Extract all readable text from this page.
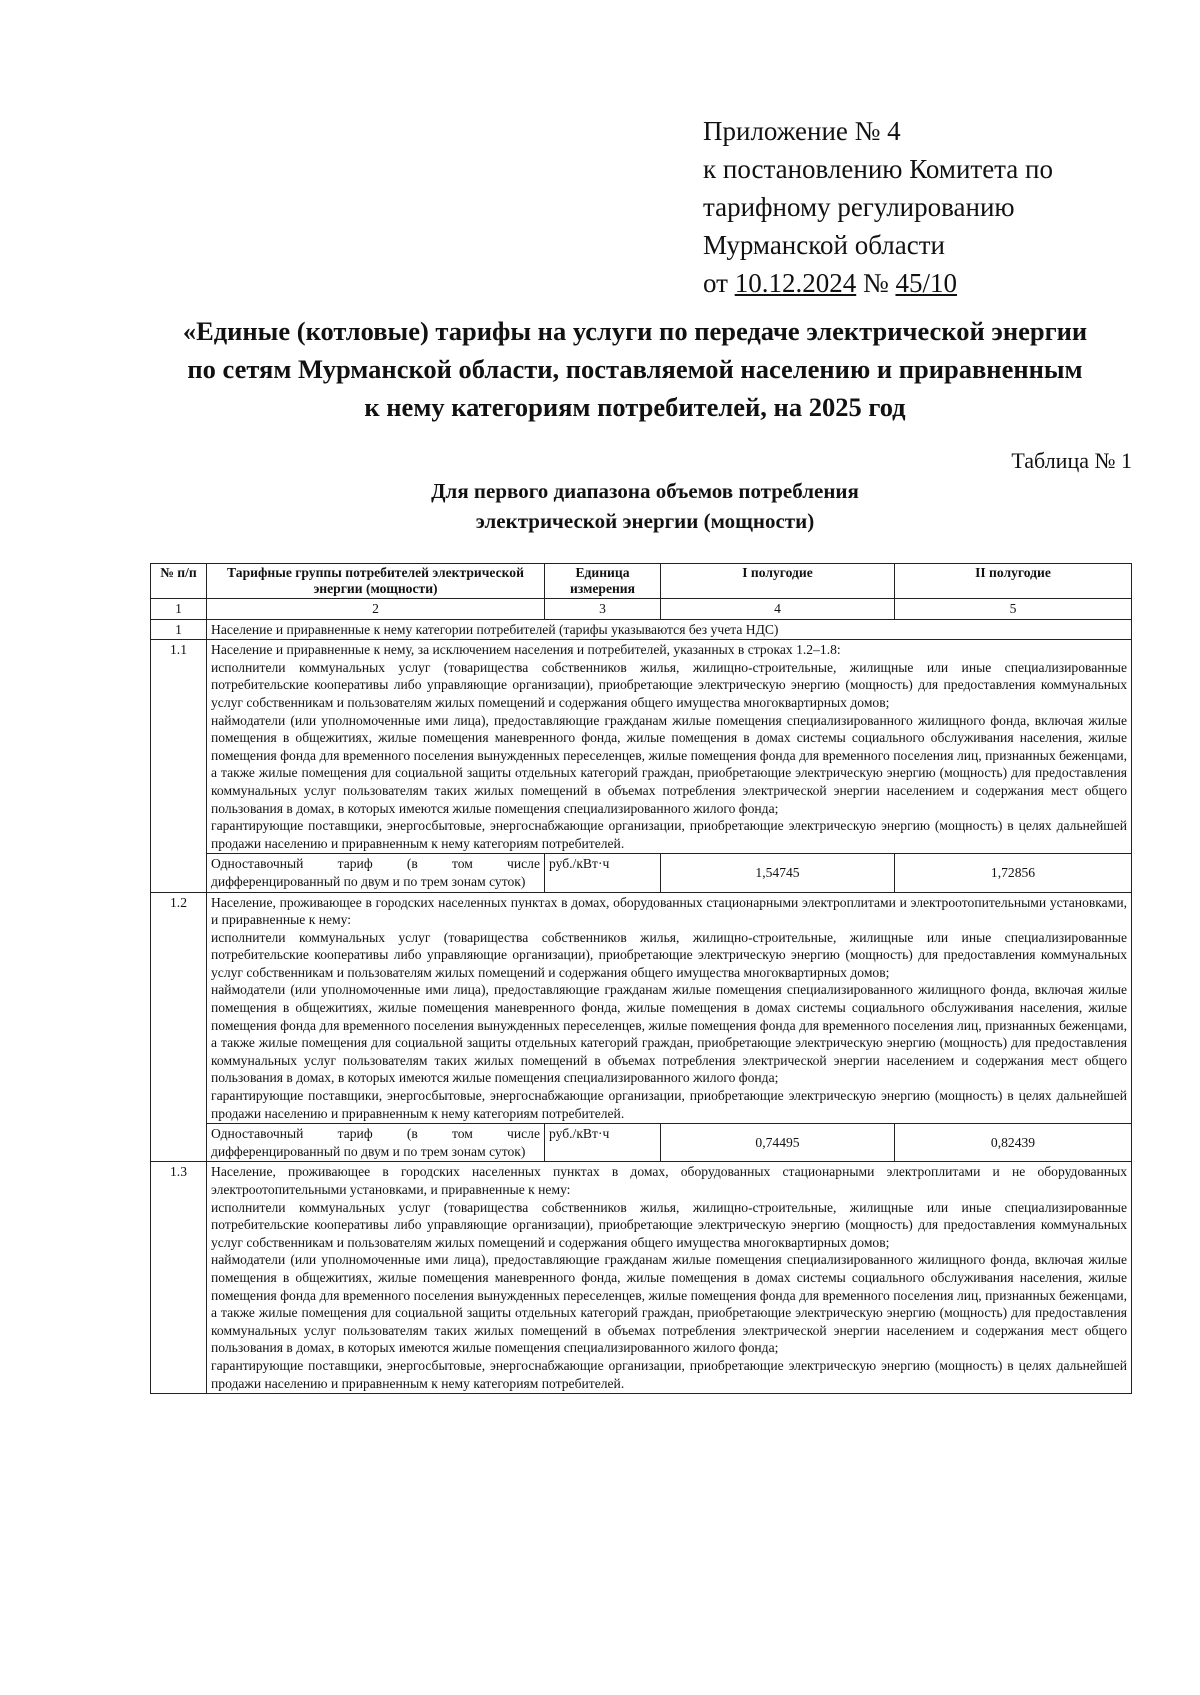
Приложение № 4
к постановлению Комитета по
тарифному регулированию
Мурманской области
от 10.12.2024 № 45/10
«Единые (котловые) тарифы на услуги по передаче электрической энергии
по сетям Мурманской области, поставляемой населению и приравненным
к нему категориям потребителей, на 2025 год
Таблица № 1
Для первого диапазона объемов потребления
электрической энергии (мощности)
№ п/п	Тарифные группы потребителей электрической энергии (мощности)	Единица измерения	I полугодие	II полугодие
1	2	3	4	5
1	Население и приравненные к нему категории потребителей (тарифы указываются без учета НДС)			
1.1	Население и приравненные к нему, за исключением населения и потребителей, указанных в строках 1.2–1.8:
исполнители коммунальных услуг (товарищества собственников жилья, жилищно-строительные, жилищные или иные специализированные потребительские кооперативы либо управляющие организации), приобретающие электрическую энергию (мощность) для предоставления коммунальных услуг собственникам и пользователям жилых помещений и содержания общего имущества многоквартирных домов;
наймодатели (или уполномоченные ими лица), предоставляющие гражданам жилые помещения специализированного жилищного фонда, включая жилые помещения в общежитиях, жилые помещения маневренного фонда, жилые помещения в домах системы социального обслуживания населения, жилые помещения фонда для временного поселения вынужденных переселенцев, жилые помещения фонда для временного поселения лиц, признанных беженцами, а также жилые помещения для социальной защиты отдельных категорий граждан, приобретающие электрическую энергию (мощность) для предоставления коммунальных услуг пользователям таких жилых помещений в объемах потребления электрической энергии населением и содержания мест общего пользования в домах, в которых имеются жилые помещения специализированного жилого фонда;
гарантирующие поставщики, энергосбытовые, энергоснабжающие организации, приобретающие электрическую энергию (мощность) в целях дальнейшей продажи населению и приравненным к нему категориям потребителей.			

	Одноставочный тариф (в том числе дифференцированный по двум и по трем зонам суток)	руб./кВт·ч	1,54745	1,72856
1.2	Население, проживающее в городских населенных пунктах в домах, оборудованных стационарными электроплитами и электроотопительными установками, и приравненные к нему:
исполнители коммунальных услуг (товарищества собственников жилья, жилищно-строительные, жилищные или иные специализированные потребительские кооперативы либо управляющие организации), приобретающие электрическую энергию (мощность) для предоставления коммунальных услуг собственникам и пользователям жилых помещений и содержания общего имущества многоквартирных домов;
наймодатели (или уполномоченные ими лица), предоставляющие гражданам жилые помещения специализированного жилищного фонда, включая жилые помещения в общежитиях, жилые помещения маневренного фонда, жилые помещения в домах системы социального обслуживания населения, жилые помещения фонда для временного поселения вынужденных переселенцев, жилые помещения фонда для временного поселения лиц, признанных беженцами, а также жилые помещения для социальной защиты отдельных категорий граждан, приобретающие электрическую энергию (мощность) для предоставления коммунальных услуг пользователям таких жилых помещений в объемах потребления электрической энергии населением и содержания мест общего пользования в домах, в которых имеются жилые помещения специализированного жилого фонда;
гарантирующие поставщики, энергосбытовые, энергоснабжающие организации, приобретающие электрическую энергию (мощность) в целях дальнейшей продажи населению и приравненным к нему категориям потребителей.			

	Одноставочный тариф (в том числе дифференцированный по двум и по трем зонам суток)	руб./кВт·ч	0,74495	0,82439
1.3	Население, проживающее в городских населенных пунктах в домах, оборудованных стационарными электроплитами и не оборудованных электроотопительными установками, и приравненные к нему:
исполнители коммунальных услуг (товарищества собственников жилья, жилищно-строительные, жилищные или иные специализированные потребительские кооперативы либо управляющие организации), приобретающие электрическую энергию (мощность) для предоставления коммунальных услуг собственникам и пользователям жилых помещений и содержания общего имущества многоквартирных домов;
наймодатели (или уполномоченные ими лица), предоставляющие гражданам жилые помещения специализированного жилищного фонда, включая жилые помещения в общежитиях, жилые помещения маневренного фонда, жилые помещения в домах системы социального обслуживания населения, жилые помещения фонда для временного поселения вынужденных переселенцев, жилые помещения фонда для временного поселения лиц, признанных беженцами, а также жилые помещения для социальной защиты отдельных категорий граждан, приобретающие электрическую энергию (мощность) для предоставления коммунальных услуг пользователям таких жилых помещений в объемах потребления электрической энергии населением и содержания мест общего пользования в домах, в которых имеются жилые помещения специализированного жилого фонда;
гарантирующие поставщики, энергосбытовые, энергоснабжающие организации, приобретающие электрическую энергию (мощность) в целях дальнейшей продажи населению и приравненным к нему категориям потребителей.			
